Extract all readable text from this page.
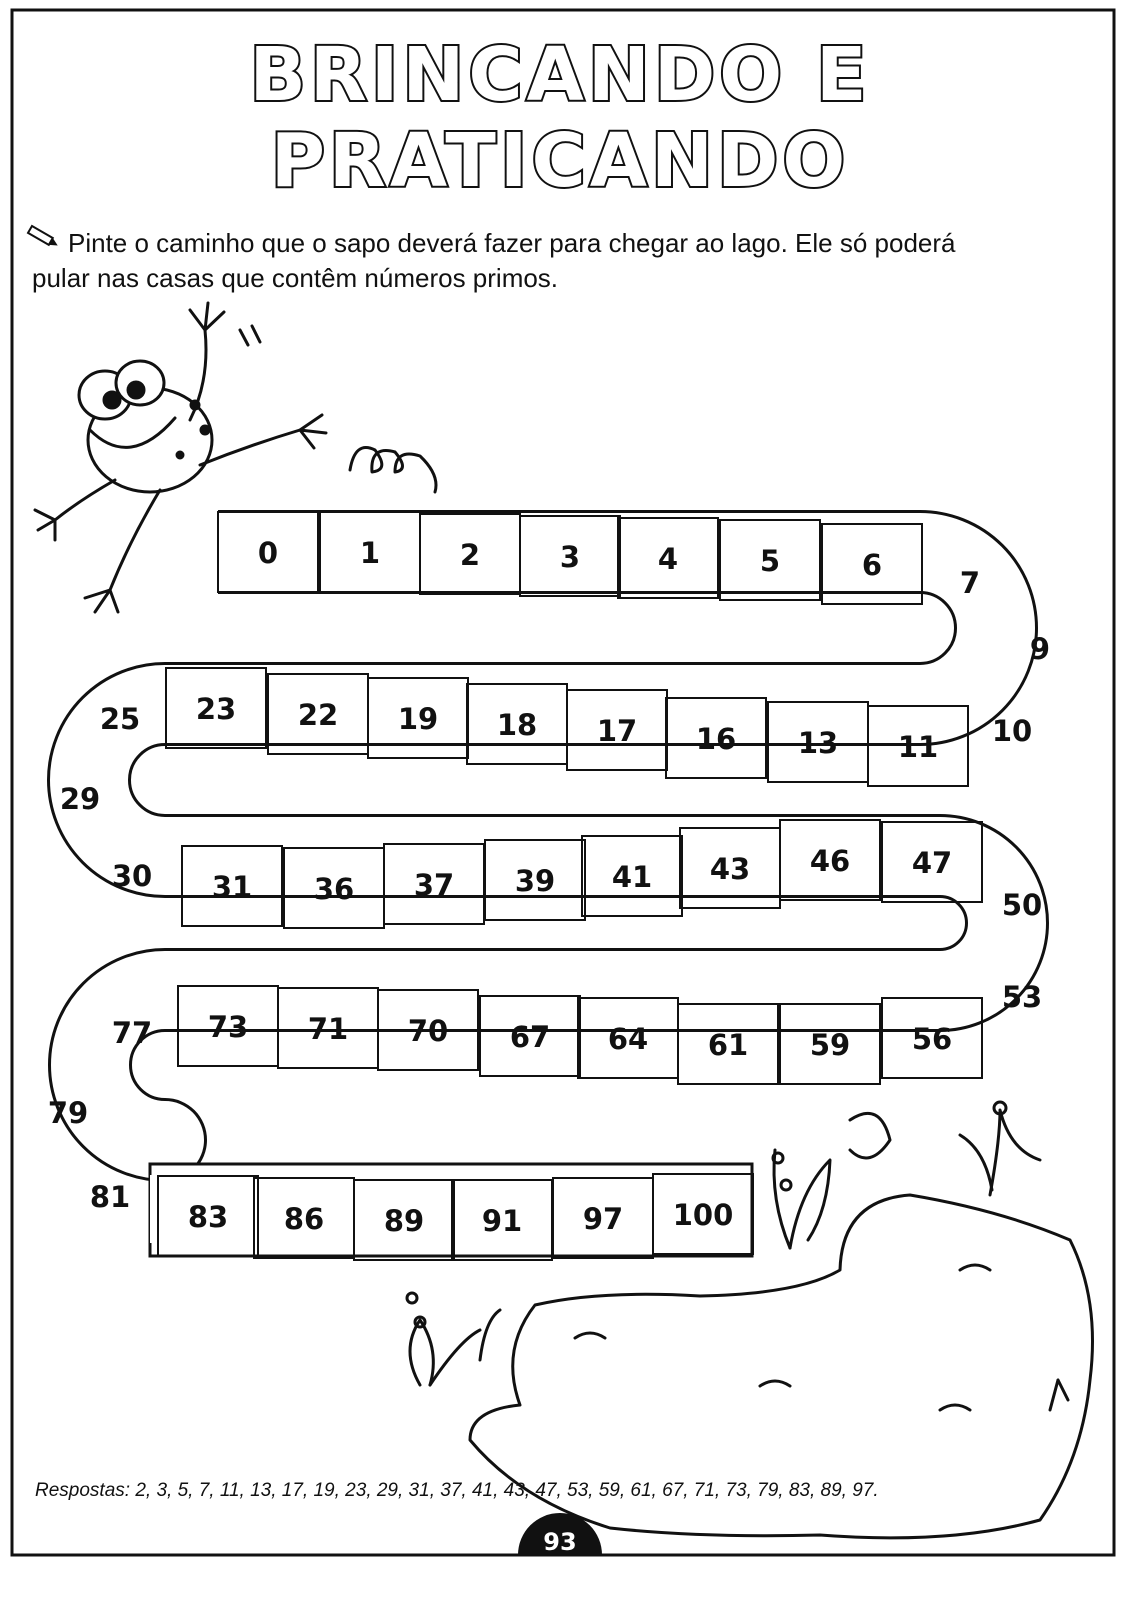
BRINCANDO E
PRATICANDO
Pinte o caminho que o sapo deverá fazer para chegar ao lago. Ele só poderá
pular nas casas que contêm números primos.
0	1	2	3	4	5	6
7
9
10
11
13
16
17
18
19
22
23
25
29
30 31 36 37 39 41 43 46 47
50
53
56
59
61
64
67
70
71
73
77
79
81
83 86 89 91 97 100
Respostas: 2, 3, 5, 7, 11, 13, 17, 19, 23, 29, 31, 37, 41, 43, 47, 53, 59, 61, 67, 71, 73, 79, 83, 89, 97.
93
